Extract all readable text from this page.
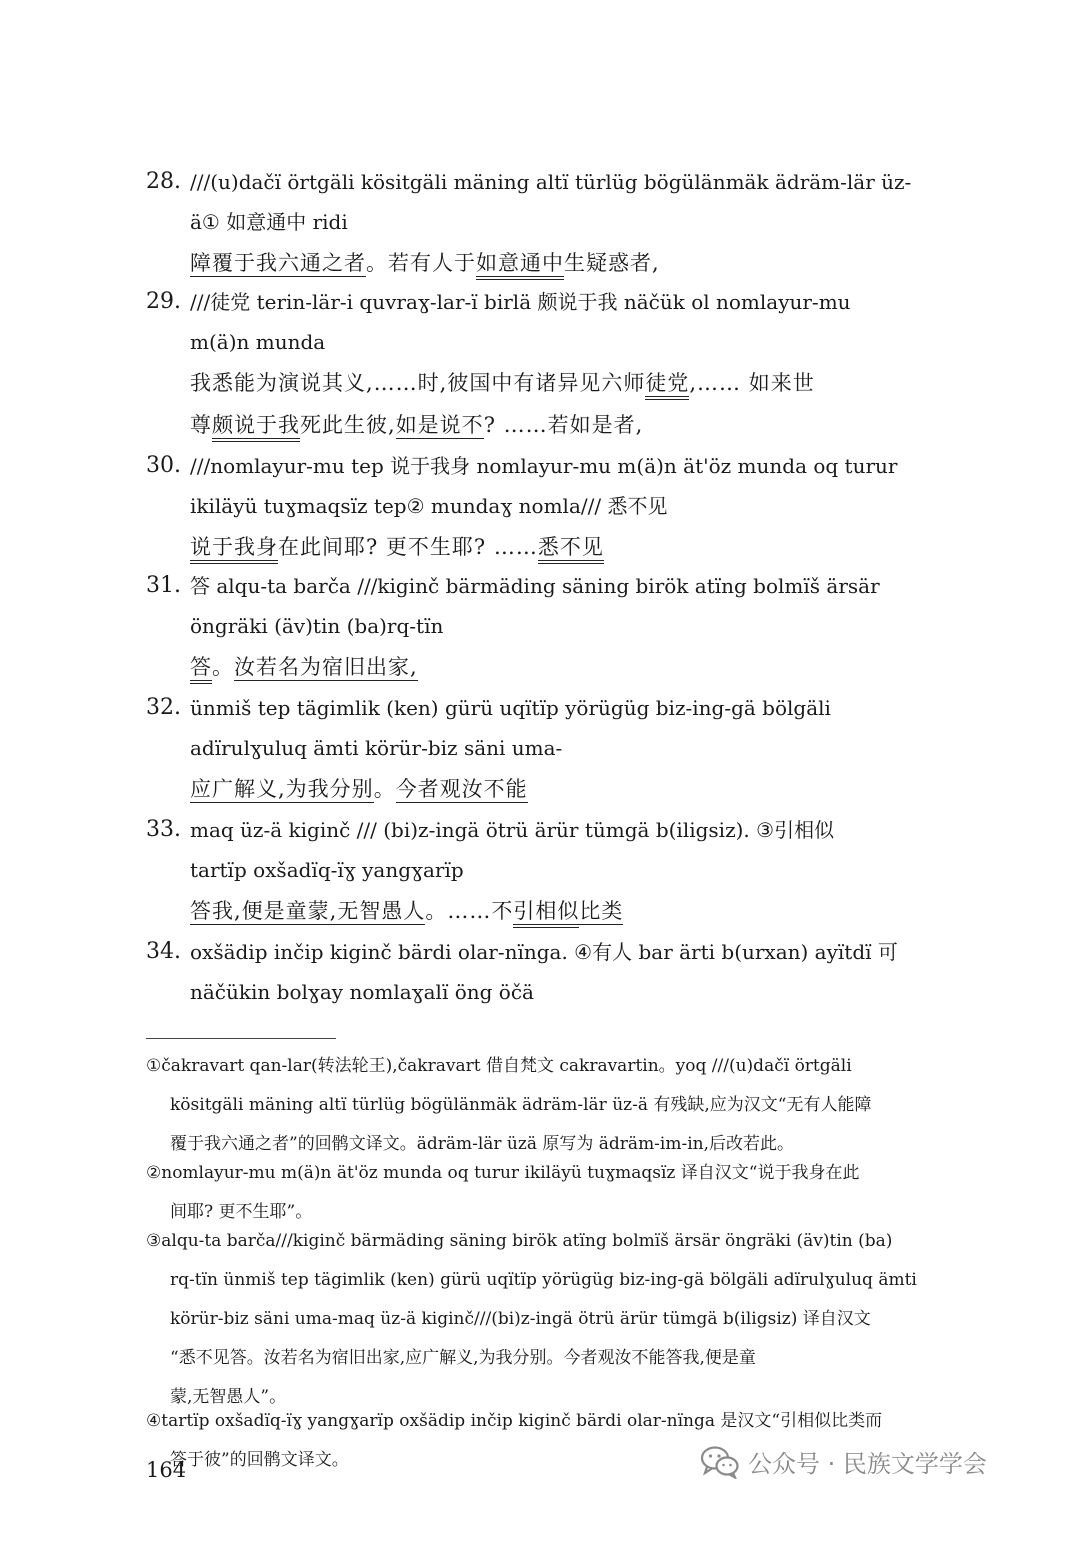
28. ///(u)dačï örtgäli kösitgäli mäning altï türlüg bögülänmäk ädräm-lär üz-
ä① 如意通中 ridi
障覆于我六通之者。若有人于如意通中生疑惑者,
29. ///徒党 terin-lär-i quvraɣ-lar-ï birlä 颇说于我 näčük ol nomlayur-mu
m(ä)n munda
我悉能为演说其义,……时,彼国中有诸异见六师徒党,…… 如来世
尊颇说于我死此生彼,如是说不? ……若如是者,
30. ///nomlayur-mu tep 说于我身 nomlayur-mu m(ä)n ät'öz munda oq turur
ikiläyü tuɣmaqsïz tep② mundaɣ nomla/// 悉不见
说于我身在此间耶? 更不生耶? ……悉不见
31. 答 alqu-ta barča ///kiginč bärmäding säning birök atïng bolmïš ärsär
öngräki (äv)tin (ba)rq-tïn
答。汝若名为宿旧出家,
32. ünmiš tep tägimlik (ken) gürü uqïtïp yörügüg biz-ing-gä bölgäli
adïrulɣuluq ämti körür-biz säni uma-
应广解义,为我分别。今者观汝不能
33. maq üz-ä kiginč /// (bi)z-ingä ötrü ärür tümgä b(iligsiz). ③引相似
tartïp oxšadïq-ïɣ yangɣarïp
答我,便是童蒙,无智愚人。……不引相似比类
34. oxšädip inčip kiginč bärdi olar-nïnga. ④有人 bar ärti b(urxan) ayïtdï 可
näčükin bolɣay nomlaɣalï öng öčä
①čakravart qan-lar(转法轮王),čakravart 借自梵文 cakravartin。yoq ///(u)dačï örtgäli
kösitgäli mäning altï türlüg bögülänmäk ädräm-lär üz-ä 有残缺,应为汉文“无有人能障
覆于我六通之者”的回鹘文译文。ädräm-lär üzä 原写为 ädräm-im-in,后改若此。
②nomlayur-mu m(ä)n ät'öz munda oq turur ikiläyü tuɣmaqsïz 译自汉文“说于我身在此
间耶? 更不生耶”。
③alqu-ta barča///kiginč bärmäding säning birök atïng bolmïš ärsär öngräki (äv)tin (ba)
rq-tïn ünmiš tep tägimlik (ken) gürü uqïtïp yörügüg biz-ing-gä bölgäli adïrulɣuluq ämti
körür-biz säni uma-maq üz-ä kiginč///(bi)z-ingä ötrü ärür tümgä b(iligsiz) 译自汉文
“悉不见答。汝若名为宿旧出家,应广解义,为我分别。今者观汝不能答我,便是童
蒙,无智愚人”。
④tartïp oxšadïq-ïɣ yangɣarïp oxšädip inčip kiginč bärdi olar-nïnga 是汉文“引相似比类而
答于彼”的回鹘文译文。
164	公众号 · 民族文学学会
